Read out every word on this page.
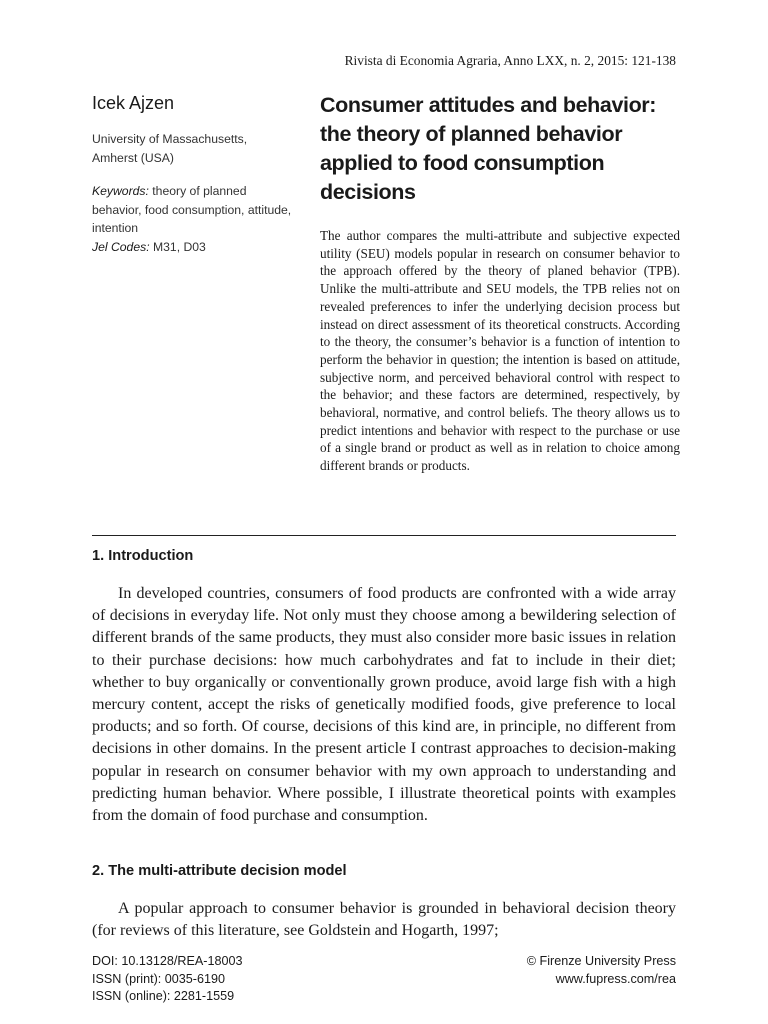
Rivista di Economia Agraria, Anno LXX, n. 2, 2015: 121-138
Icek Ajzen
University of Massachusetts,
Amherst (USA)
Keywords: theory of planned behavior, food consumption, attitude, intention
Jel Codes: M31, D03
Consumer attitudes and behavior: the theory of planned behavior applied to food consumption decisions

The author compares the multi-attribute and subjective expected utility (SEU) models popular in research on consumer behavior to the approach offered by the theory of planed behavior (TPB). Unlike the multi-attribute and SEU models, the TPB relies not on revealed preferences to infer the underlying decision process but instead on direct assessment of its theoretical constructs. According to the theory, the consumer’s behavior is a function of intention to perform the behavior in question; the intention is based on attitude, subjective norm, and perceived behavioral control with respect to the behavior; and these factors are determined, respectively, by behavioral, normative, and control beliefs. The theory allows us to predict intentions and behavior with respect to the purchase or use of a single brand or product as well as in relation to choice among different brands or products.

1. Introduction

In developed countries, consumers of food products are confronted with a wide array of decisions in everyday life. Not only must they choose among a bewildering selection of different brands of the same products, they must also consider more basic issues in relation to their purchase decisions: how much carbohydrates and fat to include in their diet; whether to buy organically or conventionally grown produce, avoid large fish with a high mercury content, accept the risks of genetically modified foods, give preference to local products; and so forth. Of course, decisions of this kind are, in principle, no different from decisions in other domains. In the present article I contrast approaches to decision-making popular in research on consumer behavior with my own approach to understanding and predicting human behavior. Where possible, I illustrate theoretical points with examples from the domain of food purchase and consumption.

2. The multi-attribute decision model

A popular approach to consumer behavior is grounded in behavioral decision theory (for reviews of this literature, see Goldstein and Hogarth, 1997;

DOI: 10.13128/REA-18003
ISSN (print): 0035-6190
ISSN (online): 2281-1559
© Firenze University Press
www.fupress.com/rea
